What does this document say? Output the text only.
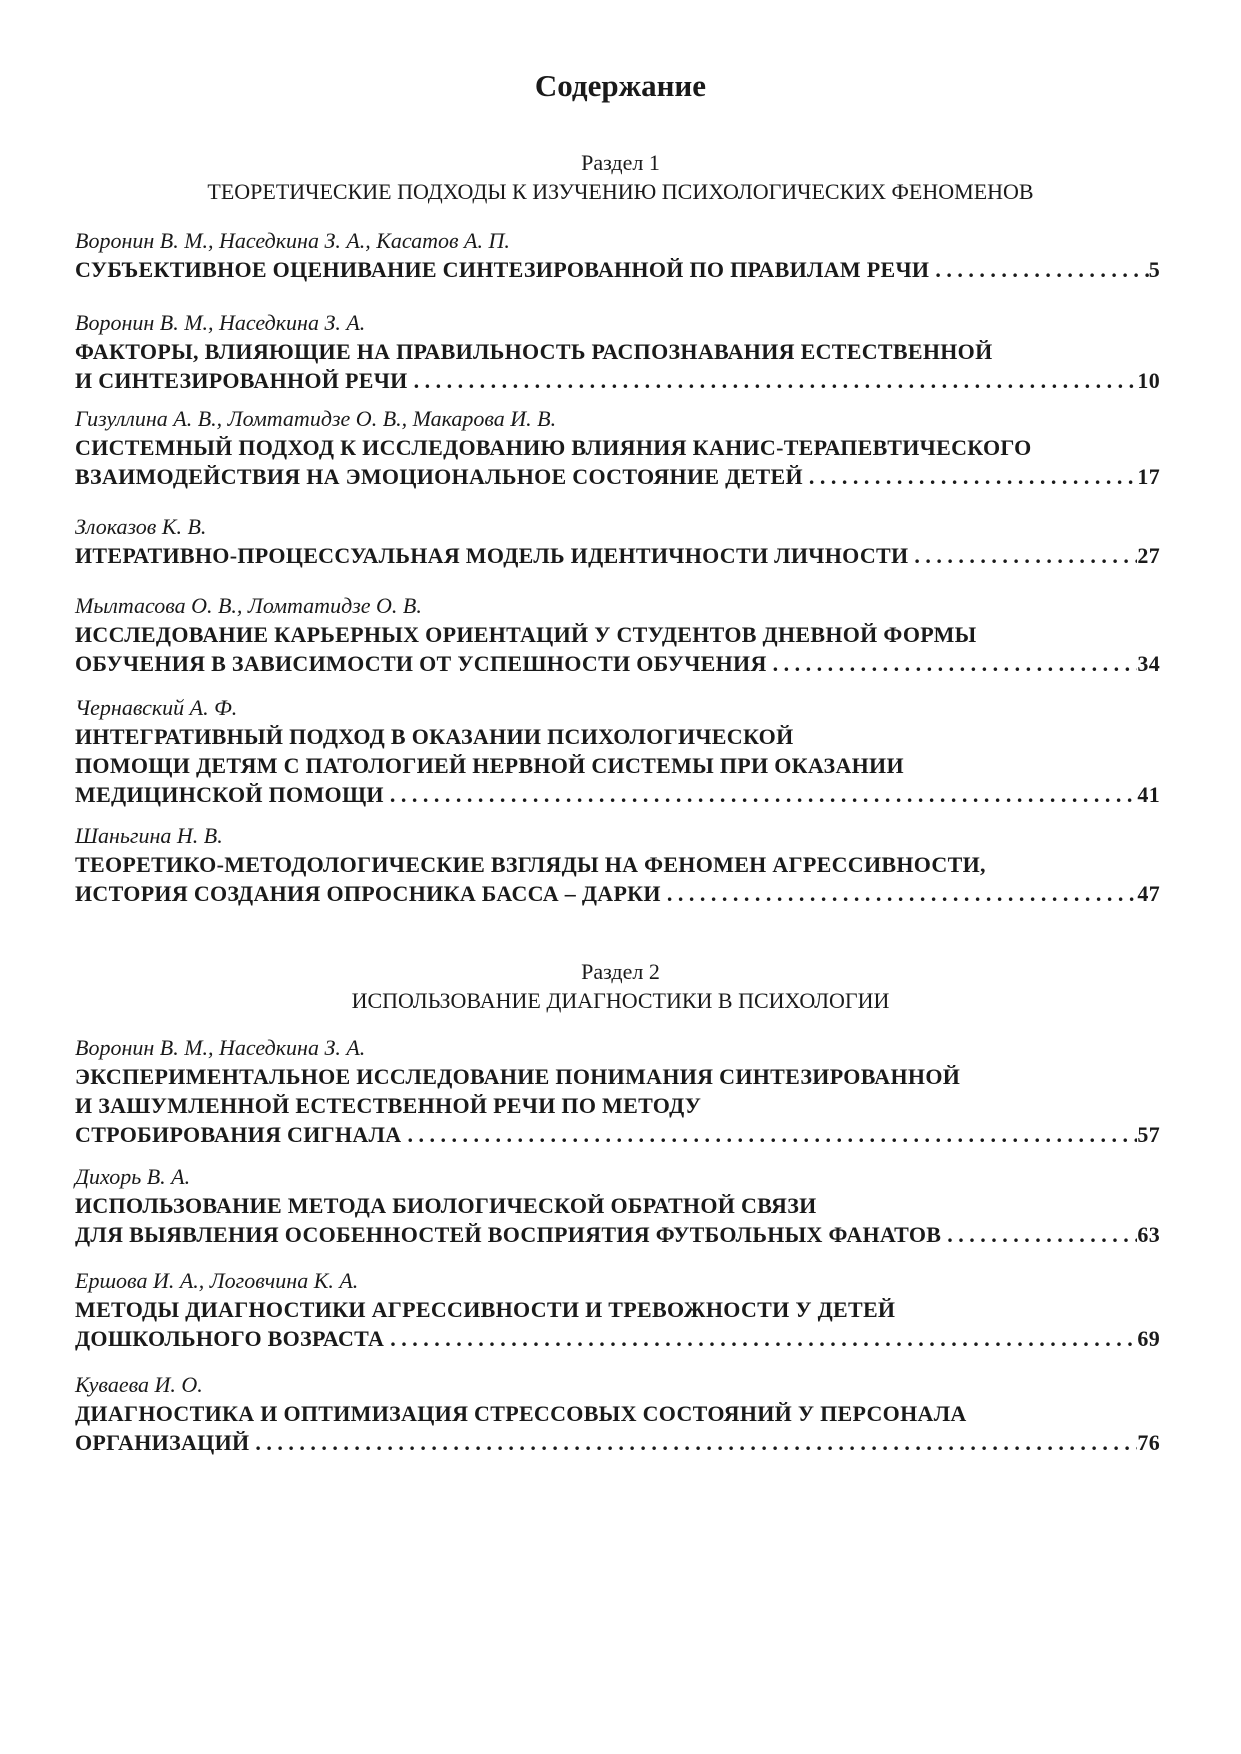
Содержание
Раздел 1
ТЕОРЕТИЧЕСКИЕ ПОДХОДЫ К ИЗУЧЕНИЮ ПСИХОЛОГИЧЕСКИХ ФЕНОМЕНОВ
Воронин В. М., Наседкина З. А., Касатов А. П.
СУБЪЕКТИВНОЕ ОЦЕНИВАНИЕ СИНТЕЗИРОВАННОЙ ПО ПРАВИЛАМ РЕЧИ . . .	5
Воронин В. М., Наседкина З. А.
ФАКТОРЫ, ВЛИЯЮЩИЕ НА ПРАВИЛЬНОСТЬ РАСПОЗНАВАНИЯ ЕСТЕСТВЕННОЙ
И СИНТЕЗИРОВАННОЙ РЕЧИ . . .	10
Гизуллина А. В., Ломтатидзе О. В., Макарова И. В.
СИСТЕМНЫЙ ПОДХОД К ИССЛЕДОВАНИЮ ВЛИЯНИЯ КАНИС-ТЕРАПЕВТИЧЕСКОГО
ВЗАИМОДЕЙСТВИЯ НА ЭМОЦИОНАЛЬНОЕ СОСТОЯНИЕ ДЕТЕЙ . . .	17
Злоказов К. В.
ИТЕРАТИВНО-ПРОЦЕССУАЛЬНАЯ МОДЕЛЬ ИДЕНТИЧНОСТИ ЛИЧНОСТИ . . .	27
Мылтасова О. В., Ломтатидзе О. В.
ИССЛЕДОВАНИЕ КАРЬЕРНЫХ ОРИЕНТАЦИЙ У СТУДЕНТОВ ДНЕВНОЙ ФОРМЫ
ОБУЧЕНИЯ В ЗАВИСИМОСТИ ОТ УСПЕШНОСТИ ОБУЧЕНИЯ . . .	34
Чернавский А. Ф.
ИНТЕГРАТИВНЫЙ ПОДХОД В ОКАЗАНИИ ПСИХОЛОГИЧЕСКОЙ
ПОМОЩИ ДЕТЯМ С ПАТОЛОГИЕЙ НЕРВНОЙ СИСТЕМЫ ПРИ ОКАЗАНИИ
МЕДИЦИНСКОЙ ПОМОЩИ . . .	41
Шаньгина Н. В.
ТЕОРЕТИКО-МЕТОДОЛОГИЧЕСКИЕ ВЗГЛЯДЫ НА ФЕНОМЕН АГРЕССИВНОСТИ,
ИСТОРИЯ СОЗДАНИЯ ОПРОСНИКА БАССА – ДАРКИ . . .	47
Раздел 2
ИСПОЛЬЗОВАНИЕ ДИАГНОСТИКИ В ПСИХОЛОГИИ
Воронин В. М., Наседкина З. А.
ЭКСПЕРИМЕНТАЛЬНОЕ ИССЛЕДОВАНИЕ ПОНИМАНИЯ СИНТЕЗИРОВАННОЙ
И ЗАШУМЛЕННОЙ ЕСТЕСТВЕННОЙ РЕЧИ ПО МЕТОДУ
СТРОБИРОВАНИЯ СИГНАЛА . . .	57
Дихорь В. А.
ИСПОЛЬЗОВАНИЕ МЕТОДА БИОЛОГИЧЕСКОЙ ОБРАТНОЙ СВЯЗИ
ДЛЯ ВЫЯВЛЕНИЯ ОСОБЕННОСТЕЙ ВОСПРИЯТИЯ ФУТБОЛЬНЫХ ФАНАТОВ . . .	63
Ершова И. А., Логовчина К. А.
МЕТОДЫ ДИАГНОСТИКИ АГРЕССИВНОСТИ И ТРЕВОЖНОСТИ У ДЕТЕЙ
ДОШКОЛЬНОГО ВОЗРАСТА . . .	69
Куваева И. О.
ДИАГНОСТИКА И ОПТИМИЗАЦИЯ СТРЕССОВЫХ СОСТОЯНИЙ У ПЕРСОНАЛА
ОРГАНИЗАЦИЙ . . .	76
